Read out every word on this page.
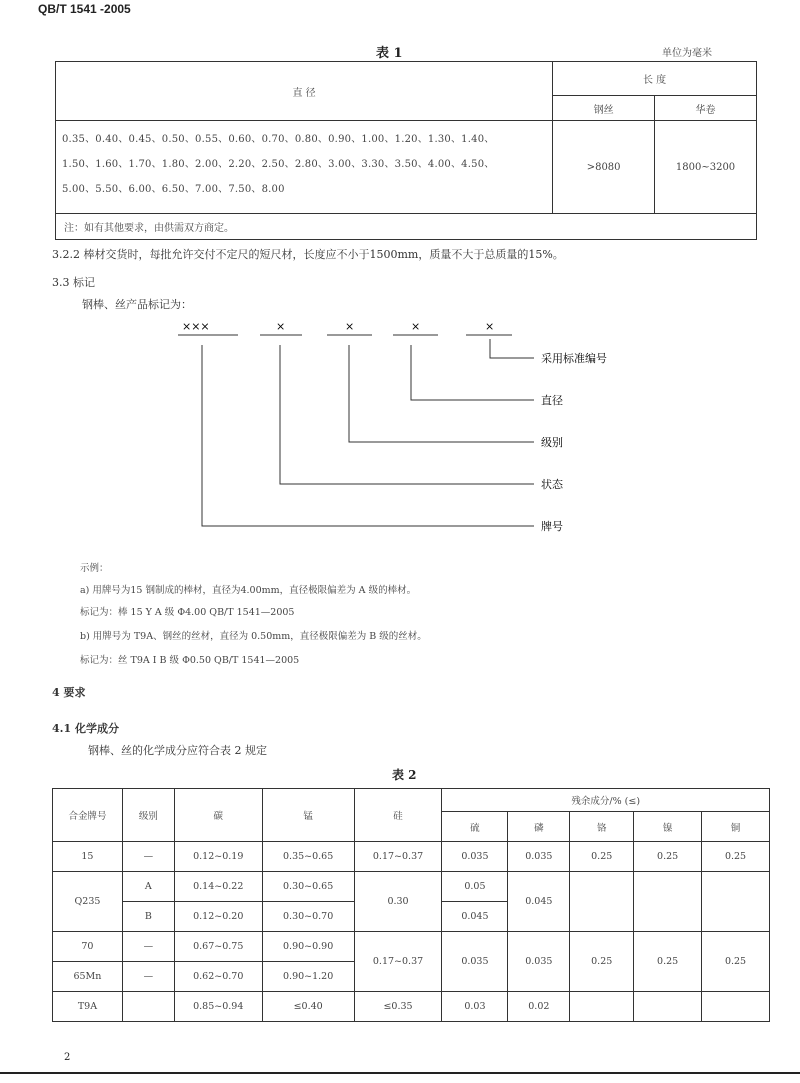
QB/T 1541 -2005
表 1	单位为毫米
直 径	长 度	

	钢丝	华卷

0.35、0.40、0.45、0.50、0.55、0.60、0.70、0.80、0.90、1.00、1.20、1.30、1.40、
1.50、1.60、1.70、1.80、2.00、2.20、2.50、2.80、3.00、3.30、3.50、4.00、4.50、
5.00、5.50、6.00、6.50、7.00、7.50、8.00	>8080	1800~3200
注：如有其他要求，由供需双方商定。		
3.2.2 棒材交货时，每批允许交付不定尺的短尺材，长度应不小于1500mm，质量不大于总质量的15%。
3.3 标记
钢棒、丝产品标记为：
×××	×	×	×	×
采用标准编号
直径
级别
状态
牌号
示例：
a) 用牌号为15 钢制成的棒材，直径为4.00mm，直径极限偏差为 A 级的棒材。
标记为：棒 15 Y A 级 Φ4.00 QB/T 1541—2005
b) 用牌号为 T9A、钢丝的丝材，直径为 0.50mm，直径极限偏差为 B 级的丝材。
标记为：丝 T9A Ⅰ B 级 Φ0.50 QB/T 1541—2005
4 要求
4.1 化学成分
钢棒、丝的化学成分应符合表 2 规定
表 2
合金牌号	级别	碳	锰	硅	残余成分/% (≤)				
					硫	磷	铬	镍	铜
15	—	0.12~0.19	0.35~0.65	0.17~0.37	0.035	0.035	0.25	0.25	0.25
Q235	A	0.14~0.22	0.30~0.65	0.30	0.05	0.045			
	B	0.12~0.20	0.30~0.70		0.045				
70	—	0.67~0.75	0.90~0.90	0.17~0.37	0.035	0.035	0.25	0.25	0.25
65Mn	—	0.62~0.70	0.90~1.20						
T9A		0.85~0.94	≤0.40	≤0.35	0.03	0.02			
2
